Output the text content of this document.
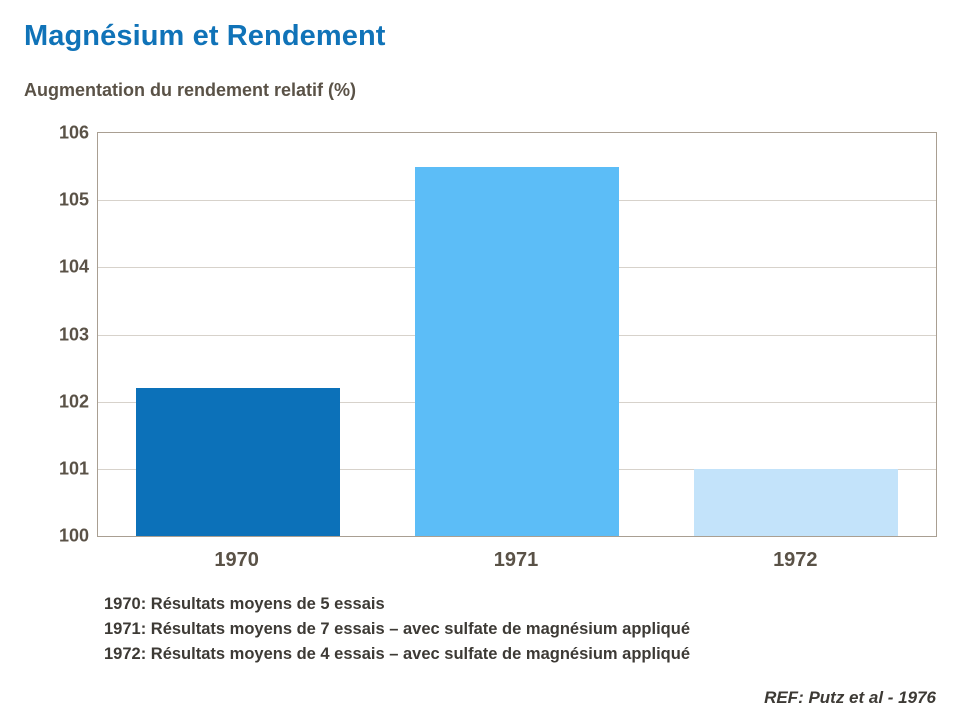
Magnésium et Rendement
Augmentation du rendement relatif (%)
100
101
102
103
104
105
106
1970	1971	1972
1970: Résultats moyens de 5 essais
1971: Résultats moyens de 7 essais – avec sulfate de magnésium appliqué
1972: Résultats moyens de 4 essais – avec sulfate de magnésium appliqué
REF: Putz et al - 1976
